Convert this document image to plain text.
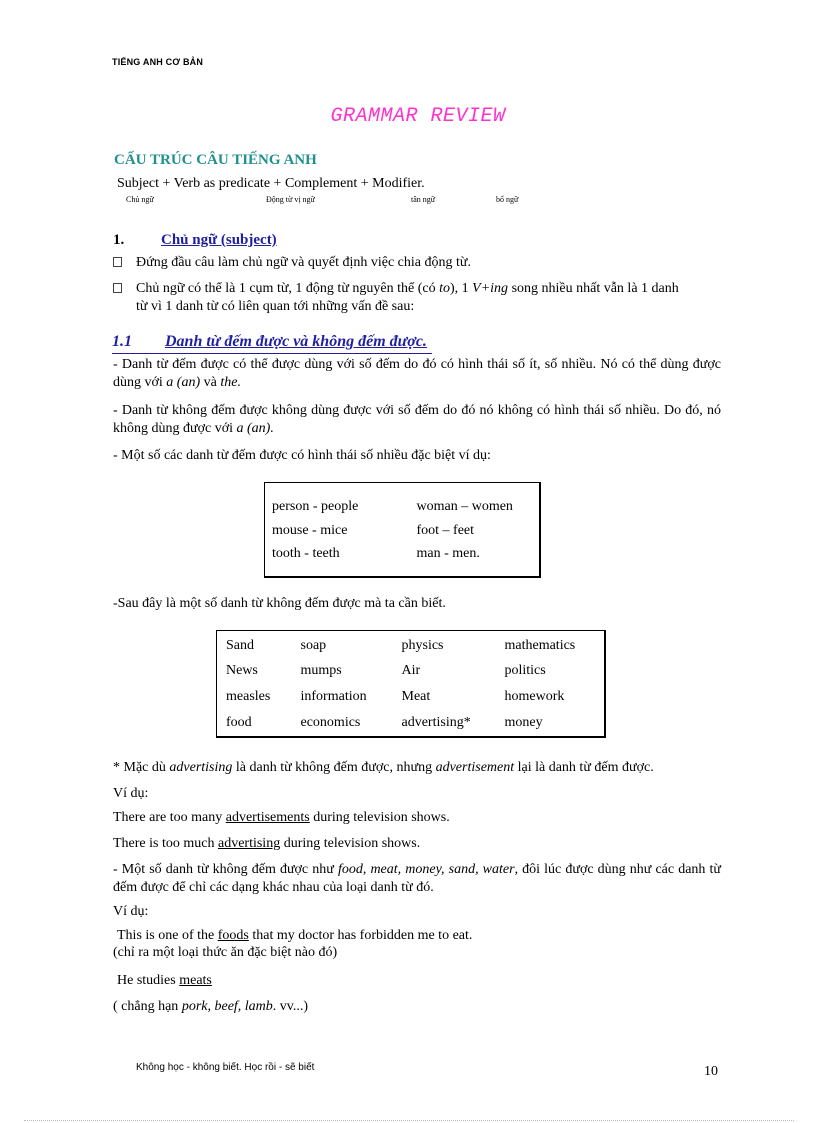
TIẾNG ANH CƠ BẢN
GRAMMAR REVIEW
CẤU TRÚC CÂU TIẾNG ANH
Subject + Verb as predicate + Complement + Modifier.
Chủ ngữ	Động từ vị ngữ	tân ngữ	bổ ngữ
1. Chủ ngữ (subject)
Đứng đầu câu làm chủ ngữ và quyết định việc chia động từ.
Chủ ngữ có thể là 1 cụm từ, 1 động từ nguyên thể (có to), 1 V+ing song nhiều nhất vẫn là 1 danh
từ vì 1 danh từ có liên quan tới những vấn đề sau:
1.1 Danh từ đếm được và không đếm được.
- Danh từ đếm được có thể được dùng với số đếm do đó có hình thái số ít, số nhiều. Nó có thể dùng được dùng với a (an) và the.
- Danh từ không đếm được không dùng được với số đếm do đó nó không có hình thái số nhiều. Do đó, nó không dùng được với a (an).
- Một số các danh từ đếm được có hình thái số nhiều đặc biệt ví dụ:
person - people	woman – women
mouse - mice	foot – feet
tooth - teeth	man - men.
-Sau đây là một số danh từ không đếm được mà ta cần biết.
Sand	soap	physics	mathematics
News	mumps	Air	politics
measles	information	Meat	homework
food	economics	advertising*	money
* Mặc dù advertising là danh từ không đếm được, nhưng advertisement lại là danh từ đếm được.
Ví dụ:
There are too many advertisements during television shows.
There is too much advertising during television shows.
- Một số danh từ không đếm được như food, meat, money, sand, water, đôi lúc được dùng như các danh từ đếm được để chỉ các dạng khác nhau của loại danh từ đó.
Ví dụ:
This is one of the foods that my doctor has forbidden me to eat.
(chỉ ra một loại thức ăn đặc biệt nào đó)
He studies meats
( chẳng hạn pork, beef, lamb. vv...)
Không học - không biết. Học rồi - sẽ biết	10
